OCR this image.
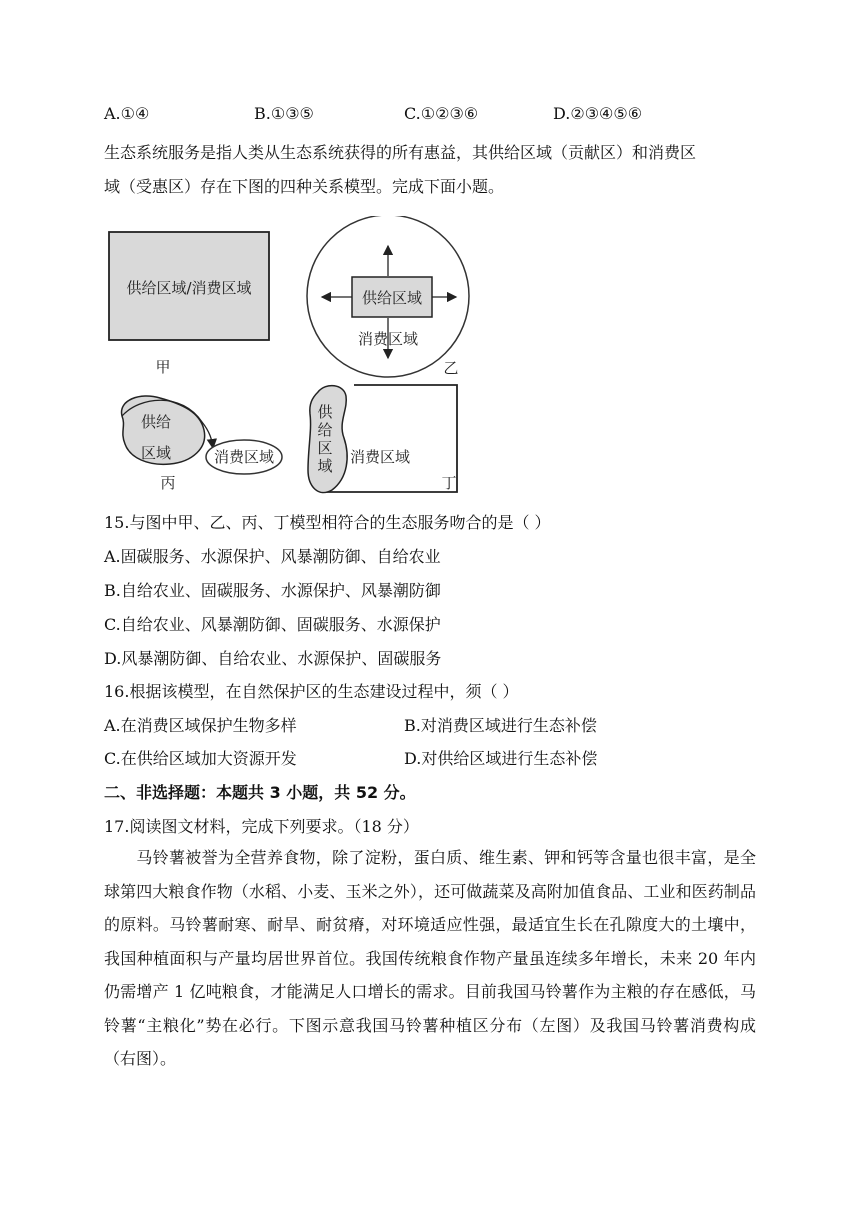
A.①④	B.①③⑤	C.①②③⑥	D.②③④⑤⑥
生态系统服务是指人类从生态系统获得的所有惠益，其供给区域（贡献区）和消费区
域（受惠区）存在下图的四种关系模型。完成下面小题。
供给区域/消费区域
甲
供给区域
消费区域
乙
供给
区域	消费区域
丙
供
给
区
域 消费区域
丁
15.与图中甲、乙、丙、丁模型相符合的生态服务吻合的是（ ）
A.固碳服务、水源保护、风暴潮防御、自给农业
B.自给农业、固碳服务、水源保护、风暴潮防御
C.自给农业、风暴潮防御、固碳服务、水源保护
D.风暴潮防御、自给农业、水源保护、固碳服务
16.根据该模型，在自然保护区的生态建设过程中，须（ ）
A.在消费区域保护生物多样	B.对消费区域进行生态补偿
C.在供给区域加大资源开发	D.对供给区域进行生态补偿
二、非选择题：本题共 3 小题，共 52 分。
17.阅读图文材料，完成下列要求。（18 分）
马铃薯被誉为全营养食物，除了淀粉，蛋白质、维生素、钾和钙等含量也很丰富，是全球第四大粮食作物（水稻、小麦、玉米之外），还可做蔬菜及高附加值食品、工业和医药制品的原料。马铃薯耐寒、耐旱、耐贫瘠，对环境适应性强，最适宜生长在孔隙度大的土壤中，我国种植面积与产量均居世界首位。我国传统粮食作物产量虽连续多年增长，未来 20 年内仍需增产 1 亿吨粮食，才能满足人口增长的需求。目前我国马铃薯作为主粮的存在感低，马铃薯“主粮化”势在必行。下图示意我国马铃薯种植区分布（左图）及我国马铃薯消费构成（右图）。
